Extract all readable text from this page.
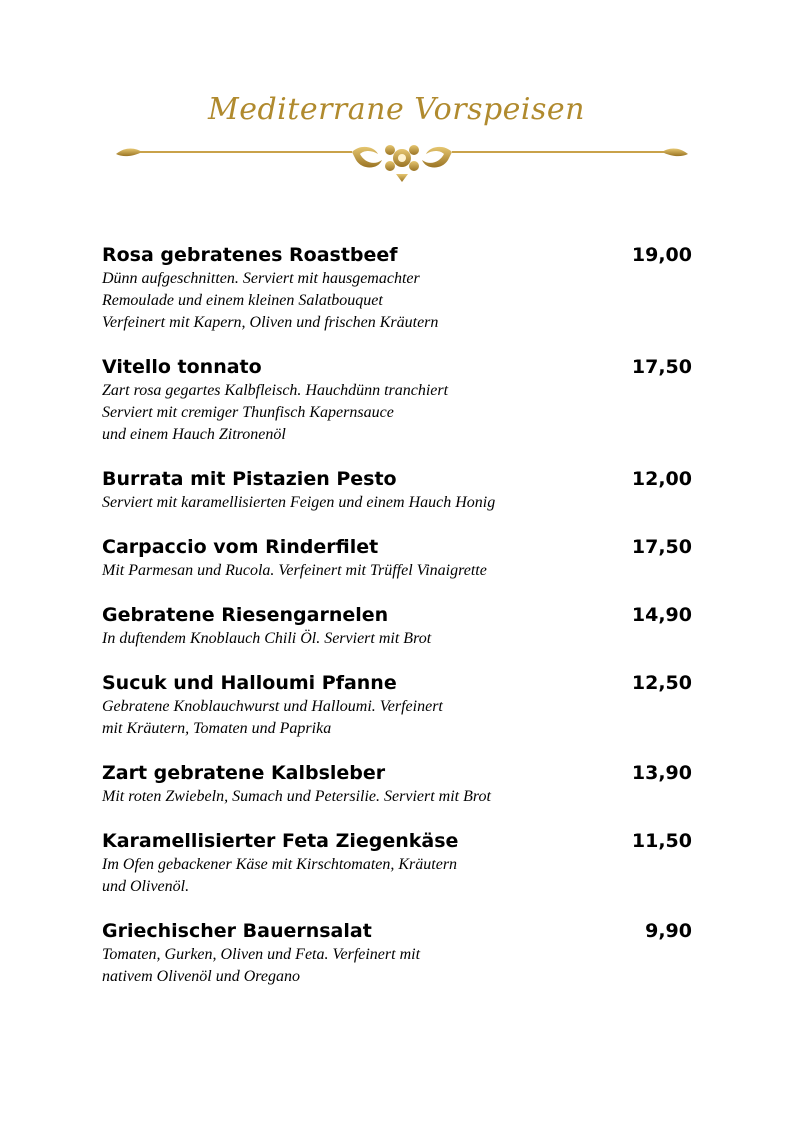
Mediterrane Vorspeisen
Rosa gebratenes Roastbeef	19,00
Dünn aufgeschnitten. Serviert mit hausgemachter
Remoulade und einem kleinen Salatbouquet
Verfeinert mit Kapern, Oliven und frischen Kräutern
Vitello tonnato	17,50
Zart rosa gegartes Kalbfleisch. Hauchdünn tranchiert
Serviert mit cremiger Thunfisch Kapernsauce
und einem Hauch Zitronenöl
Burrata mit Pistazien Pesto	12,00
Serviert mit karamellisierten Feigen und einem Hauch Honig
Carpaccio vom Rinderfilet	17,50
Mit Parmesan und Rucola. Verfeinert mit Trüffel Vinaigrette
Gebratene Riesengarnelen	14,90
In duftendem Knoblauch Chili Öl. Serviert mit Brot
Sucuk und Halloumi Pfanne	12,50
Gebratene Knoblauchwurst und Halloumi. Verfeinert
mit Kräutern, Tomaten und Paprika
Zart gebratene Kalbsleber	13,90
Mit roten Zwiebeln, Sumach und Petersilie. Serviert mit Brot
Karamellisierter Feta Ziegenkäse	11,50
Im Ofen gebackener Käse mit Kirschtomaten, Kräutern
und Olivenöl.
Griechischer Bauernsalat	9,90
Tomaten, Gurken, Oliven und Feta. Verfeinert mit
nativem Olivenöl und Oregano
